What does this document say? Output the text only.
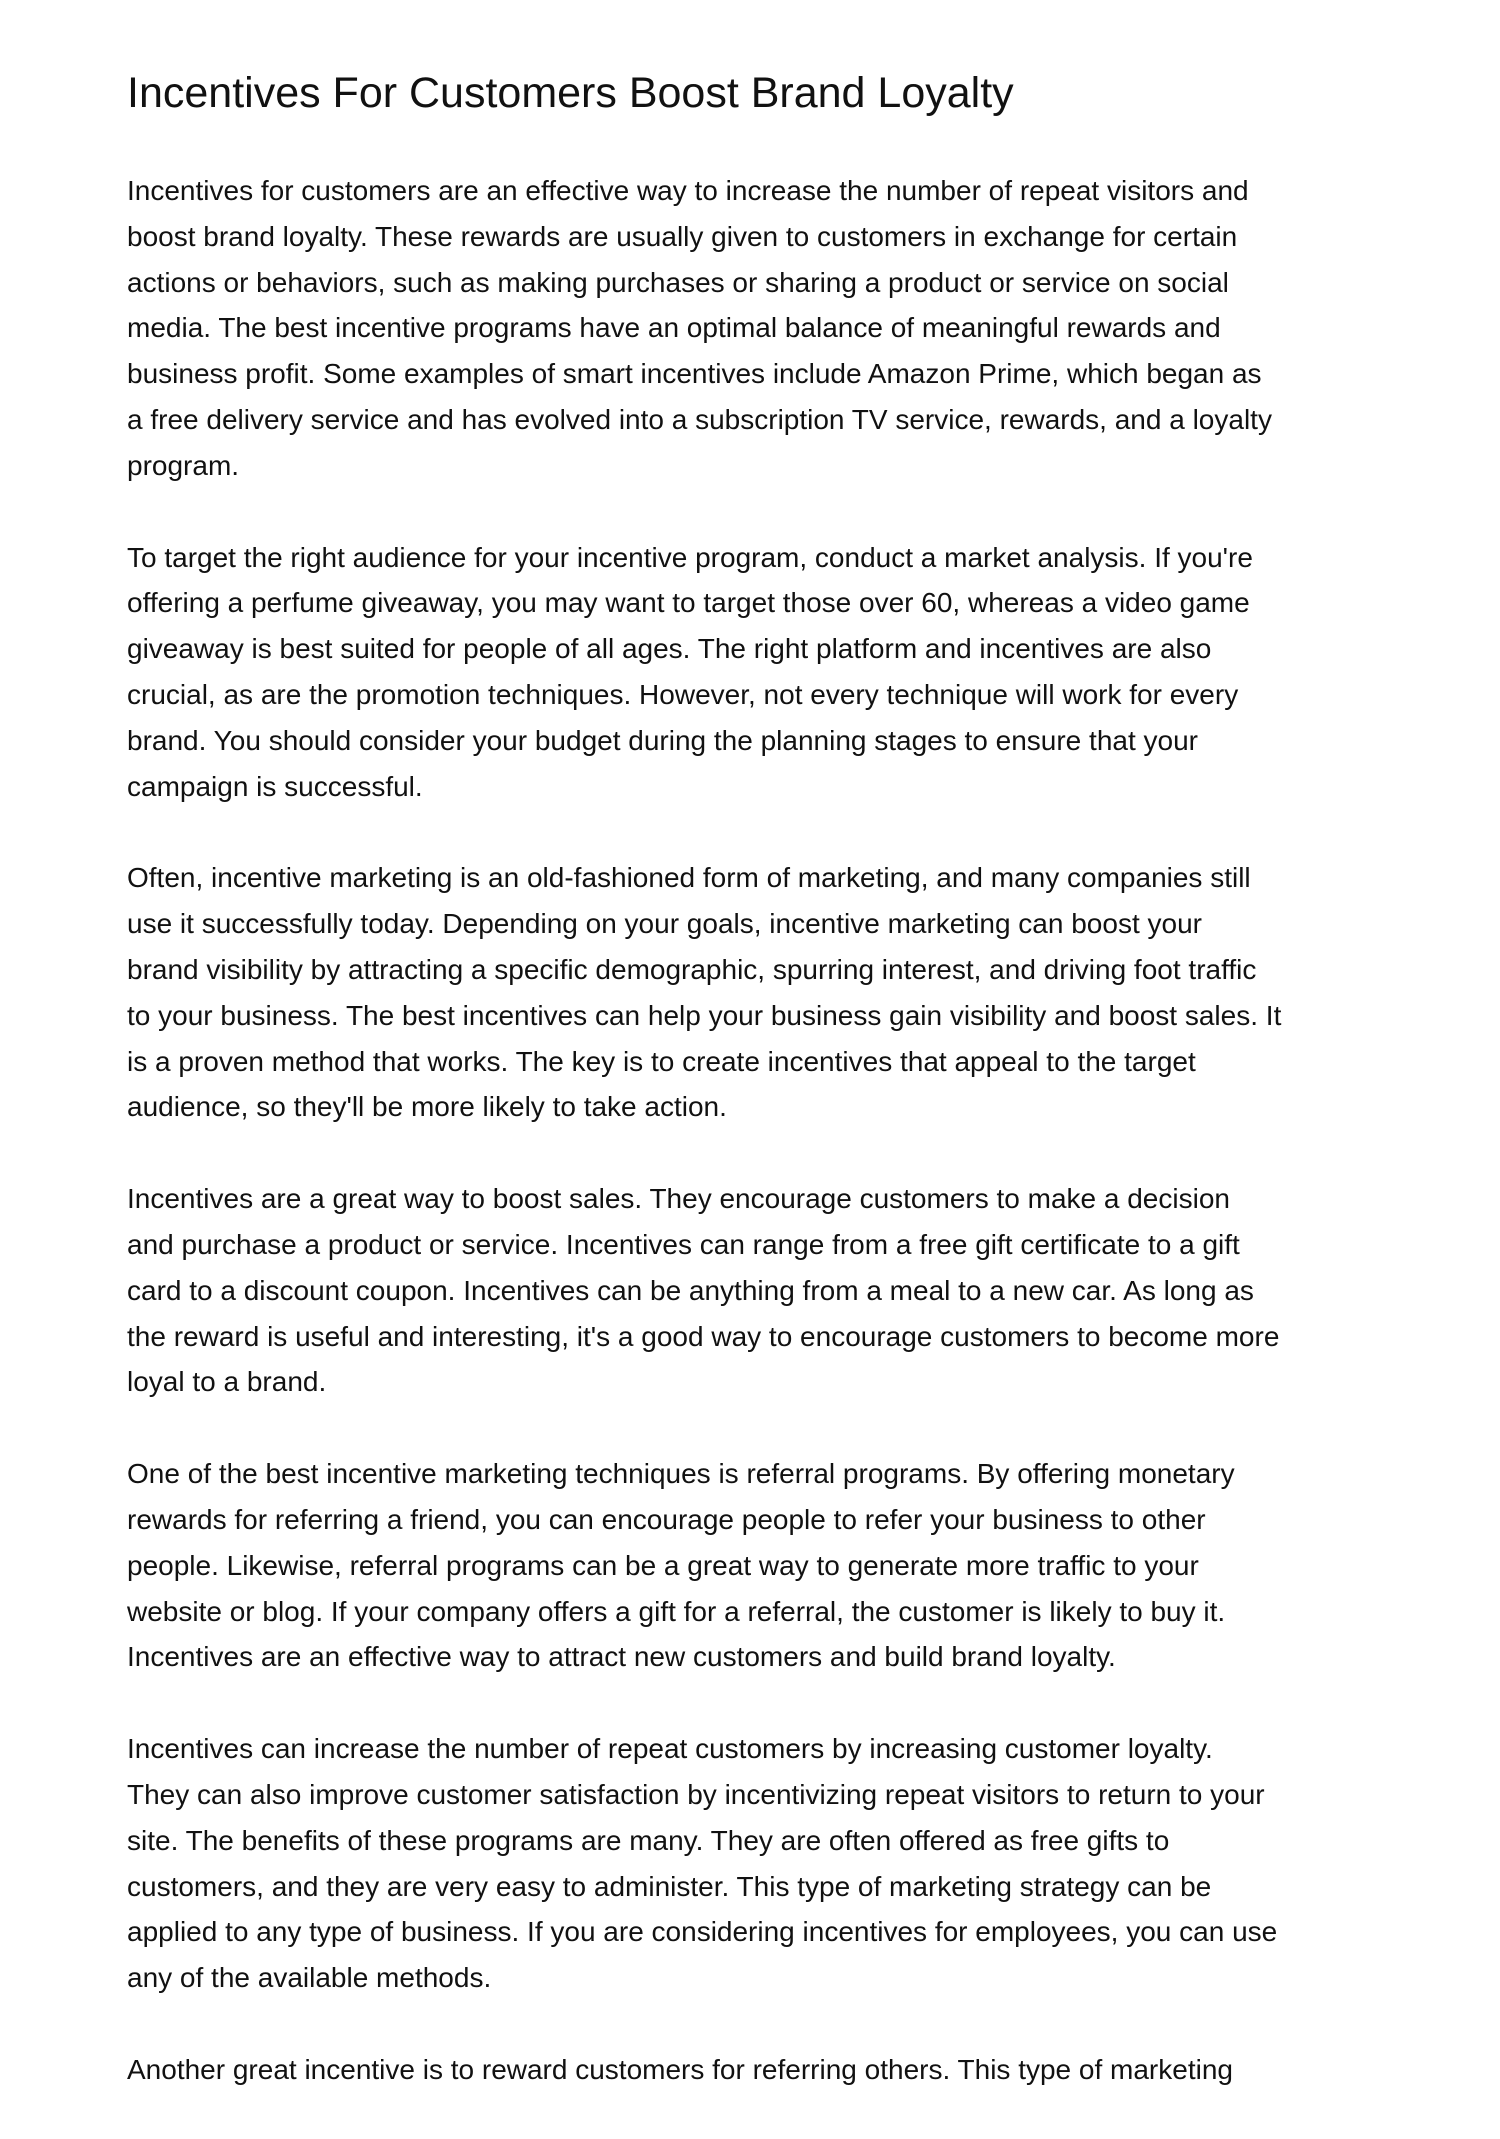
Incentives For Customers Boost Brand Loyalty

Incentives for customers are an effective way to increase the number of repeat visitors and
boost brand loyalty. These rewards are usually given to customers in exchange for certain
actions or behaviors, such as making purchases or sharing a product or service on social
media. The best incentive programs have an optimal balance of meaningful rewards and
business profit. Some examples of smart incentives include Amazon Prime, which began as
a free delivery service and has evolved into a subscription TV service, rewards, and a loyalty
program.

To target the right audience for your incentive program, conduct a market analysis. If you're
offering a perfume giveaway, you may want to target those over 60, whereas a video game
giveaway is best suited for people of all ages. The right platform and incentives are also
crucial, as are the promotion techniques. However, not every technique will work for every
brand. You should consider your budget during the planning stages to ensure that your
campaign is successful.

Often, incentive marketing is an old-fashioned form of marketing, and many companies still
use it successfully today. Depending on your goals, incentive marketing can boost your
brand visibility by attracting a specific demographic, spurring interest, and driving foot traffic
to your business. The best incentives can help your business gain visibility and boost sales. It
is a proven method that works. The key is to create incentives that appeal to the target
audience, so they'll be more likely to take action.

Incentives are a great way to boost sales. They encourage customers to make a decision
and purchase a product or service. Incentives can range from a free gift certificate to a gift
card to a discount coupon. Incentives can be anything from a meal to a new car. As long as
the reward is useful and interesting, it's a good way to encourage customers to become more
loyal to a brand.

One of the best incentive marketing techniques is referral programs. By offering monetary
rewards for referring a friend, you can encourage people to refer your business to other
people. Likewise, referral programs can be a great way to generate more traffic to your
website or blog. If your company offers a gift for a referral, the customer is likely to buy it.
Incentives are an effective way to attract new customers and build brand loyalty.

Incentives can increase the number of repeat customers by increasing customer loyalty.
They can also improve customer satisfaction by incentivizing repeat visitors to return to your
site. The benefits of these programs are many. They are often offered as free gifts to
customers, and they are very easy to administer. This type of marketing strategy can be
applied to any type of business. If you are considering incentives for employees, you can use
any of the available methods.

Another great incentive is to reward customers for referring others. This type of marketing
